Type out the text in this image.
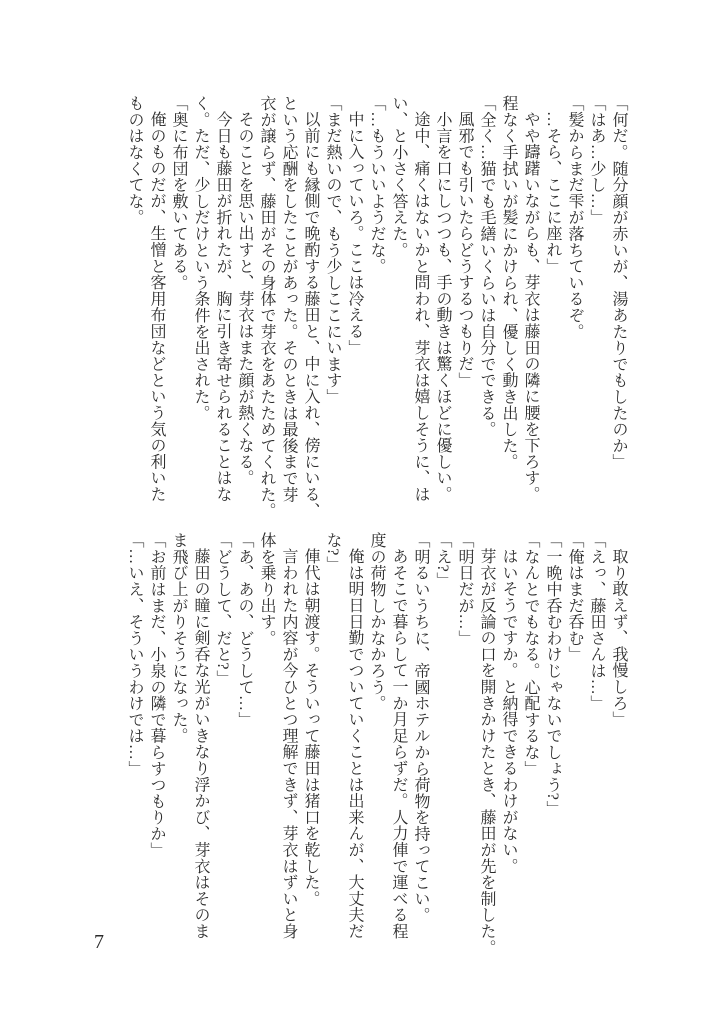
「何だ。随分顔が赤いが、湯あたりでもしたのか」
「はあ…少し…」
「髪からまだ雫が落ちているぞ。
…そら、ここに座れ」
やや躊躇いながらも、芽衣は藤田の隣に腰を下ろす。
程なく手拭いが髪にかけられ、優しく動き出した。
「全く…猫でも毛繕いくらいは自分でできる。
風邪でも引いたらどうするつもりだ」
小言を口にしつつも、手の動きは驚くほどに優しい。
途中、痛くはないかと問われ、芽衣は嬉しそうに、は
い、と小さく答えた。
「…もういいようだな。
中に入っていろ。ここは冷える」
「まだ熱いので、もう少しここにいます」
以前にも縁側で晩酌する藤田と、中に入れ、傍にいる、
という応酬をしたことがあった。そのときは最後まで芽
衣が譲らず、藤田がその身体で芽衣をあたためてくれた。
そのことを思い出すと、芽衣はまた顔が熱くなる。
今日も藤田が折れたが、胸に引き寄せられることはな
く。ただ、少しだけという条件を出された。
「奥に布団を敷いてある。
俺のものだが、生憎と客用布団などという気の利いた
ものはなくてな。
取り敢えず、我慢しろ」
「えっ、藤田さんは…」
「俺はまだ呑む」
「一晩中呑むわけじゃないでしょう?」
「なんとでもなる。心配するな」
はいそうですか。と納得できるわけがない。
芽衣が反論の口を開きかけたとき、藤田が先を制した。
「明日だが…」
「え?」
「明るいうちに、帝國ホテルから荷物を持ってこい。
あそこで暮らして一か月足らずだ。人力俥で運べる程
度の荷物しかなかろう。
俺は明日日勤でついていくことは出来んが、大丈夫だ
な?」
俥代は朝渡す。そういって藤田は猪口を乾した。
言われた内容が今ひとつ理解できず、芽衣はずいと身
体を乗り出す。
「あ、あの、どうして…」
「どうして、だと?」
藤田の瞳に剣呑な光がいきなり浮かび、芽衣はそのま
ま飛び上がりそうになった。
「お前はまだ、小泉の隣で暮らすつもりか」
「…いえ、そういうわけでは…」
7
